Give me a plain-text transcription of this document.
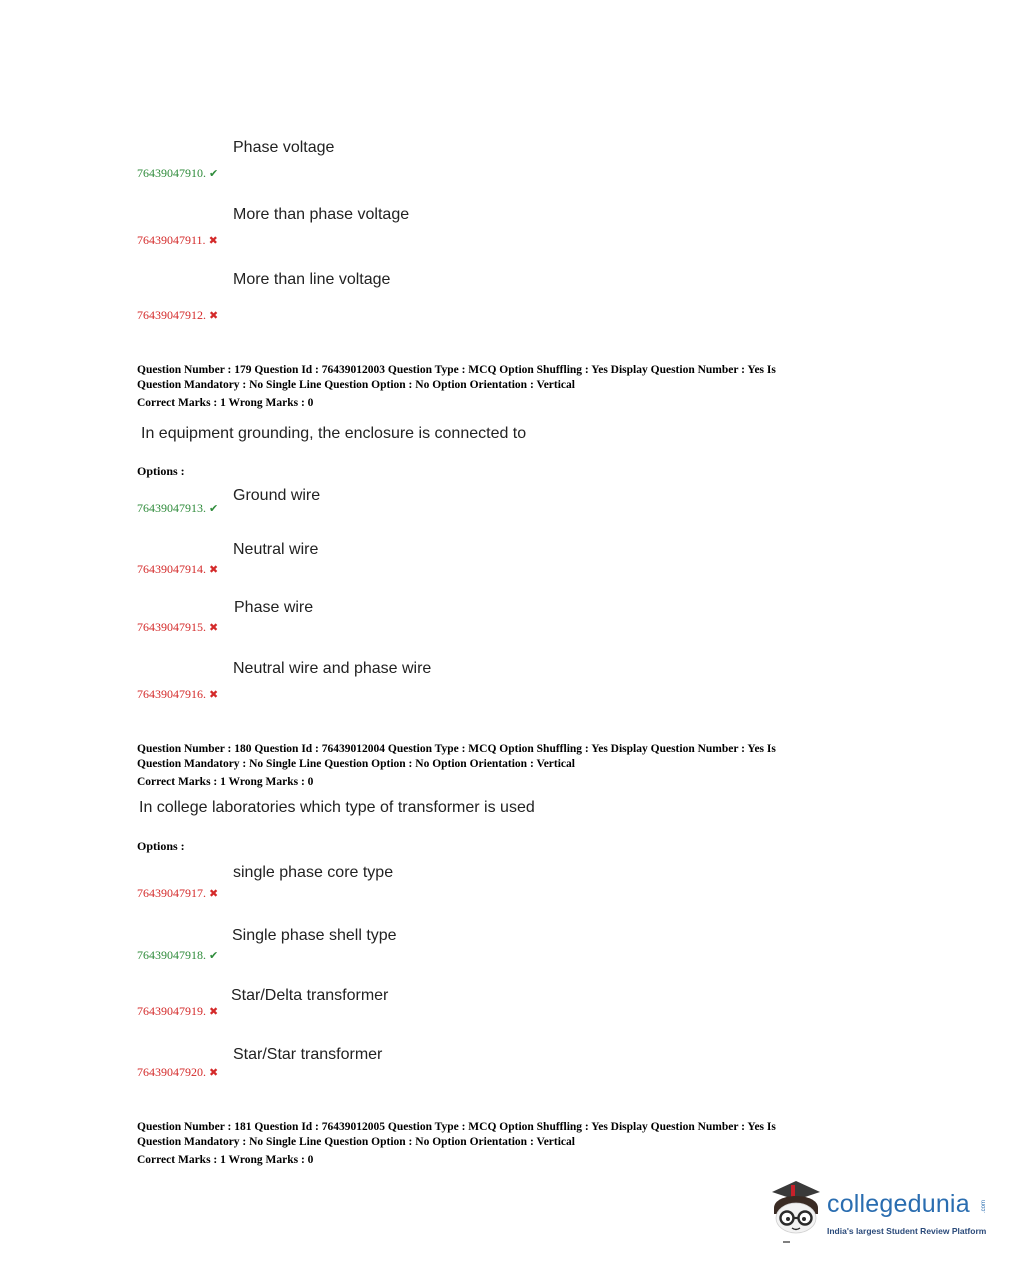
Phase voltage
76439047910. ✔
More than phase voltage
76439047911. ✖
More than line voltage
76439047912. ✖
Question Number : 179 Question Id : 76439012003 Question Type : MCQ Option Shuffling : Yes Display Question Number : Yes Is
Question Mandatory : No Single Line Question Option : No Option Orientation : Vertical
Correct Marks : 1 Wrong Marks : 0
In equipment grounding, the enclosure is connected to
Options :
Ground wire
76439047913. ✔
Neutral wire
76439047914. ✖
Phase wire
76439047915. ✖
Neutral wire and phase wire
76439047916. ✖
Question Number : 180 Question Id : 76439012004 Question Type : MCQ Option Shuffling : Yes Display Question Number : Yes Is
Question Mandatory : No Single Line Question Option : No Option Orientation : Vertical
Correct Marks : 1 Wrong Marks : 0
In college laboratories which type of transformer is used
Options :
single phase core type
76439047917. ✖
Single phase shell type
76439047918. ✔
Star/Delta transformer
76439047919. ✖
Star/Star transformer
76439047920. ✖
Question Number : 181 Question Id : 76439012005 Question Type : MCQ Option Shuffling : Yes Display Question Number : Yes Is
Question Mandatory : No Single Line Question Option : No Option Orientation : Vertical
Correct Marks : 1 Wrong Marks : 0
collegedunia .com
India's largest Student Review Platform
